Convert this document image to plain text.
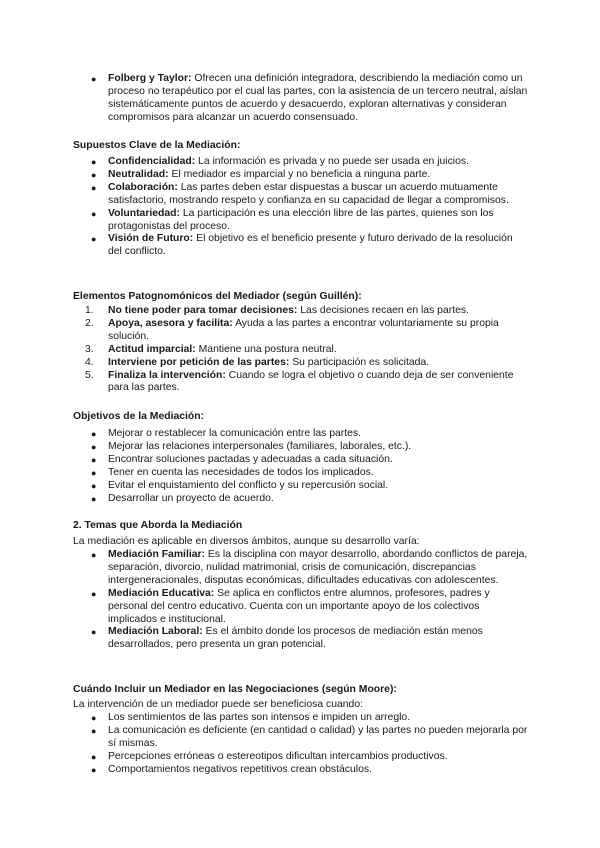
●	Folberg y Taylor: Ofrecen una definición integradora, describiendo la mediación como un proceso no terapéutico por el cual las partes, con la asistencia de un tercero neutral, aíslan sistemáticamente puntos de acuerdo y desacuerdo, exploran alternativas y consideran compromisos para alcanzar un acuerdo consensuado.
Supuestos Clave de la Mediación:
●	Confidencialidad: La información es privada y no puede ser usada en juicios.
●	Neutralidad: El mediador es imparcial y no beneficia a ninguna parte.
●	Colaboración: Las partes deben estar dispuestas a buscar un acuerdo mutuamente satisfactorio, mostrando respeto y confianza en su capacidad de llegar a compromisos.
●	Voluntariedad: La participación es una elección libre de las partes, quienes son los protagonistas del proceso.
●	Visión de Futuro: El objetivo es el beneficio presente y futuro derivado de la resolución del conflicto.
Elementos Patognomónicos del Mediador (según Guillén):
1.	No tiene poder para tomar decisiones: Las decisiones recaen en las partes.
2.	Apoya, asesora y facilita: Ayuda a las partes a encontrar voluntariamente su propia solución.
3.	Actitud imparcial: Mantiene una postura neutral.
4.	Interviene por petición de las partes: Su participación es solicitada.
5.	Finaliza la intervención: Cuando se logra el objetivo o cuando deja de ser conveniente para las partes.
Objetivos de la Mediación:
●	Mejorar o restablecer la comunicación entre las partes.
●	Mejorar las relaciones interpersonales (familiares, laborales, etc.).
●	Encontrar soluciones pactadas y adecuadas a cada situación.
●	Tener en cuenta las necesidades de todos los implicados.
●	Evitar el enquistamiento del conflicto y su repercusión social.
●	Desarrollar un proyecto de acuerdo.
2. Temas que Aborda la Mediación
La mediación es aplicable en diversos ámbitos, aunque su desarrollo varía:
●	Mediación Familiar: Es la disciplina con mayor desarrollo, abordando conflictos de pareja, separación, divorcio, nulidad matrimonial, crisis de comunicación, discrepancias intergeneracionales, disputas económicas, dificultades educativas con adolescentes.
●	Mediación Educativa: Se aplica en conflictos entre alumnos, profesores, padres y personal del centro educativo. Cuenta con un importante apoyo de los colectivos implicados e institucional.
●	Mediación Laboral: Es el ámbito donde los procesos de mediación están menos desarrollados, pero presenta un gran potencial.
Cuándo Incluir un Mediador en las Negociaciones (según Moore):
La intervención de un mediador puede ser beneficiosa cuando:
●	Los sentimientos de las partes son intensos e impiden un arreglo.
●	La comunicación es deficiente (en cantidad o calidad) y las partes no pueden mejorarla por sí mismas.
●	Percepciones erróneas o estereotipos dificultan intercambios productivos.
●	Comportamientos negativos repetitivos crean obstáculos.
